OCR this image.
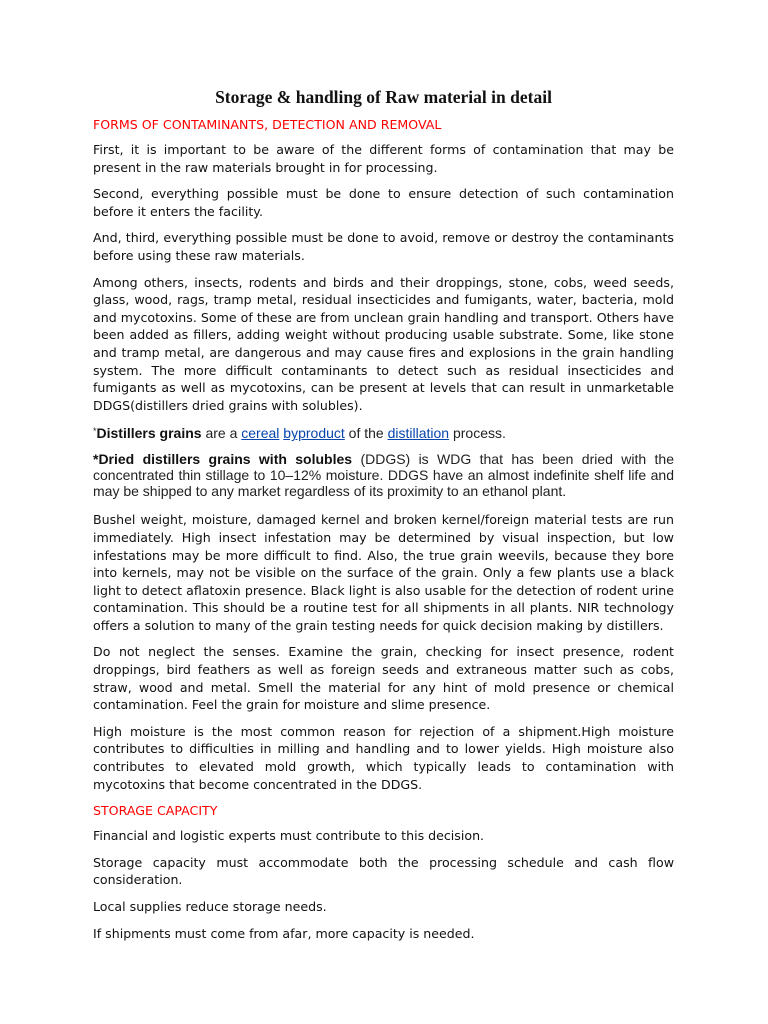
Storage & handling of Raw material in detail
FORMS OF CONTAMINANTS, DETECTION AND REMOVAL

First, it is important to be aware of the different forms of contamination that may be present in the raw materials brought in for processing.

Second, everything possible must be done to ensure detection of such contamination before it enters the facility.

And, third, everything possible must be done to avoid, remove or destroy the contaminants before using these raw materials.

Among others, insects, rodents and birds and their droppings, stone, cobs, weed seeds, glass, wood, rags, tramp metal, residual insecticides and fumigants, water, bacteria, mold and mycotoxins. Some of these are from unclean grain handling and transport. Others have been added as fillers, adding weight without producing usable substrate. Some, like stone and tramp metal, are dangerous and may cause fires and explosions in the grain handling system. The more difficult contaminants to detect such as residual insecticides and fumigants as well as mycotoxins, can be present at levels that can result in unmarketable DDGS(distillers dried grains with solubles).

*Distillers grains are a cereal byproduct of the distillation process.

*Dried distillers grains with solubles (DDGS) is WDG that has been dried with the concentrated thin stillage to 10–12% moisture. DDGS have an almost indefinite shelf life and may be shipped to any market regardless of its proximity to an ethanol plant.

Bushel weight, moisture, damaged kernel and broken kernel/foreign material tests are run immediately. High insect infestation may be determined by visual inspection, but low infestations may be more difficult to find. Also, the true grain weevils, because they bore into kernels, may not be visible on the surface of the grain. Only a few plants use a black light to detect aflatoxin presence. Black light is also usable for the detection of rodent urine contamination. This should be a routine test for all shipments in all plants. NIR technology offers a solution to many of the grain testing needs for quick decision making by distillers.

Do not neglect the senses. Examine the grain, checking for insect presence, rodent droppings, bird feathers as well as foreign seeds and extraneous matter such as cobs, straw, wood and metal. Smell the material for any hint of mold presence or chemical contamination. Feel the grain for moisture and slime presence.

High moisture is the most common reason for rejection of a shipment.High moisture contributes to difficulties in milling and handling and to lower yields. High moisture also contributes to elevated mold growth, which typically leads to contamination with mycotoxins that become concentrated in the DDGS.

STORAGE CAPACITY

Financial and logistic experts must contribute to this decision.

Storage capacity must accommodate both the processing schedule and cash flow consideration.

Local supplies reduce storage needs.

If shipments must come from afar, more capacity is needed.
